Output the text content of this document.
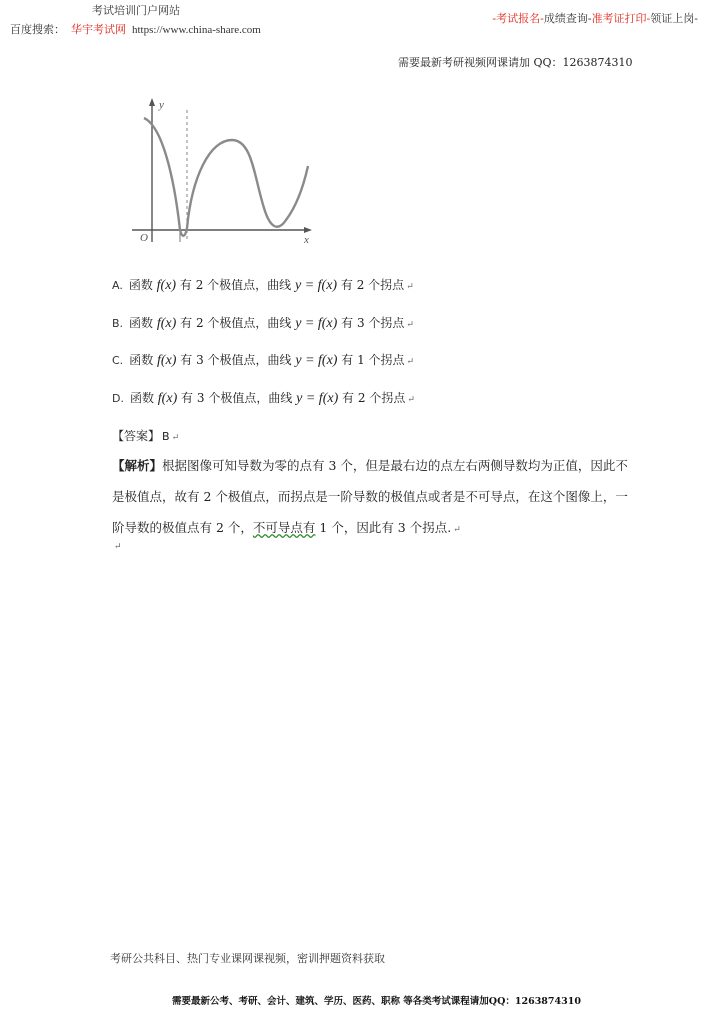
考试培训门户网站
百度搜索： 华宇考试网 https://www.china-share.com
-考试报名-成绩查询-准考证打印-领证上岗-
需要最新考研视频网课请加 QQ：1263874310
y
x
O
A. 函数 f(x) 有 2 个极值点，曲线 y = f(x) 有 2 个拐点 ↵
B. 函数 f(x) 有 2 个极值点，曲线 y = f(x) 有 3 个拐点 ↵
C. 函数 f(x) 有 3 个极值点，曲线 y = f(x) 有 1 个拐点 ↵
D. 函数 f(x) 有 3 个极值点，曲线 y = f(x) 有 2 个拐点 ↵
【答案】 B ↵
【解析】根据图像可知导数为零的点有 3 个，但是最右边的点左右两侧导数均为正值，因此不是极值点，故有 2 个极值点，而拐点是一阶导数的极值点或者是不可导点，在这个图像上，一阶导数的极值点有 2 个，不可导点有 1 个，因此有 3 个拐点. ↵
↵
考研公共科目、热门专业课网课视频，密训押题资料获取
需要最新公考、考研、会计、建筑、学历、医药、职称 等各类考试课程请加QQ：1263874310
